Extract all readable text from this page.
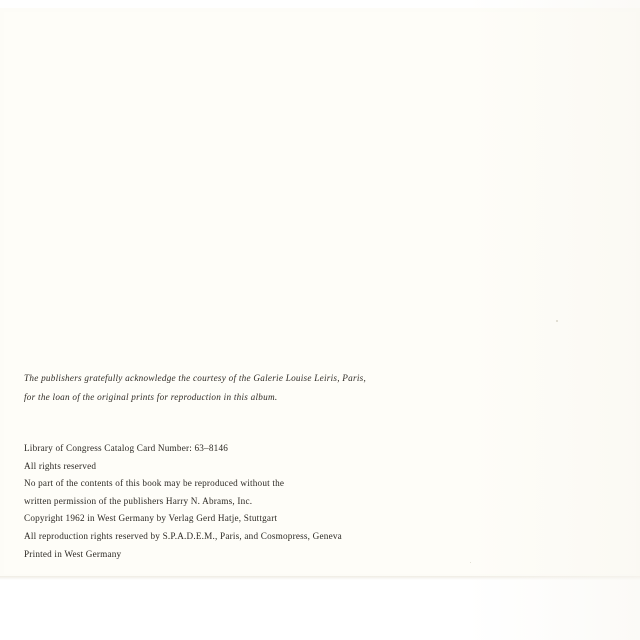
The publishers gratefully acknowledge the courtesy of the Galerie Louise Leiris, Paris,
for the loan of the original prints for reproduction in this album.
Library of Congress Catalog Card Number: 63–8146
All rights reserved
No part of the contents of this book may be reproduced without the
written permission of the publishers Harry N. Abrams, Inc.
Copyright 1962 in West Germany by Verlag Gerd Hatje, Stuttgart
All reproduction rights reserved by S.P.A.D.E.M., Paris, and Cosmopress, Geneva
Printed in West Germany
